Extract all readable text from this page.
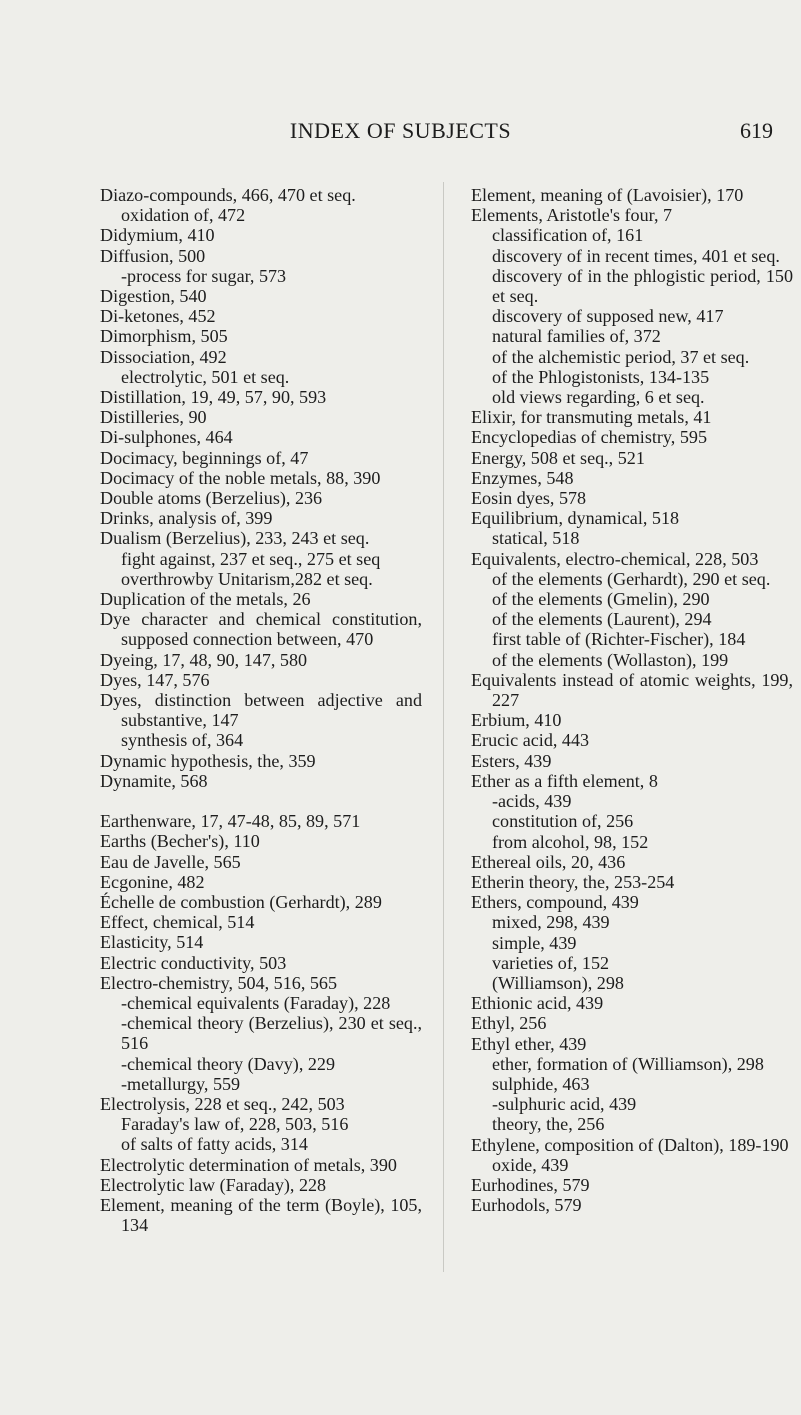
INDEX OF SUBJECTS	619
Diazo-compounds, 466, 470 et seq.
oxidation of, 472
Didymium, 410
Diffusion, 500
-process for sugar, 573
Digestion, 540
Di-ketones, 452
Dimorphism, 505
Dissociation, 492
electrolytic, 501 et seq.
Distillation, 19, 49, 57, 90, 593
Distilleries, 90
Di-sulphones, 464
Docimacy, beginnings of, 47
Docimacy of the noble metals, 88, 390
Double atoms (Berzelius), 236
Drinks, analysis of, 399
Dualism (Berzelius), 233, 243 et seq.
fight against, 237 et seq., 275 et seq
overthrowby Unitarism,282 et seq.
Duplication of the metals, 26
Dye character and chemical constitution, supposed connection between, 470
Dyeing, 17, 48, 90, 147, 580
Dyes, 147, 576
Dyes, distinction between adjective and substantive, 147
synthesis of, 364
Dynamic hypothesis, the, 359
Dynamite, 568
Earthenware, 17, 47-48, 85, 89, 571
Earths (Becher's), 110
Eau de Javelle, 565
Ecgonine, 482
Échelle de combustion (Gerhardt), 289
Effect, chemical, 514
Elasticity, 514
Electric conductivity, 503
Electro-chemistry, 504, 516, 565
-chemical equivalents (Faraday), 228
-chemical theory (Berzelius), 230 et seq., 516
-chemical theory (Davy), 229
-metallurgy, 559
Electrolysis, 228 et seq., 242, 503
Faraday's law of, 228, 503, 516
of salts of fatty acids, 314
Electrolytic determination of metals, 390
Electrolytic law (Faraday), 228
Element, meaning of the term (Boyle), 105, 134
Element, meaning of (Lavoisier), 170
Elements, Aristotle's four, 7
classification of, 161
discovery of in recent times, 401 et seq.
discovery of in the phlogistic period, 150 et seq.
discovery of supposed new, 417
natural families of, 372
of the alchemistic period, 37 et seq.
of the Phlogistonists, 134-135
old views regarding, 6 et seq.
Elixir, for transmuting metals, 41
Encyclopedias of chemistry, 595
Energy, 508 et seq., 521
Enzymes, 548
Eosin dyes, 578
Equilibrium, dynamical, 518
statical, 518
Equivalents, electro-chemical, 228, 503
of the elements (Gerhardt), 290 et seq.
of the elements (Gmelin), 290
of the elements (Laurent), 294
first table of (Richter-Fischer), 184
of the elements (Wollaston), 199
Equivalents instead of atomic weights, 199, 227
Erbium, 410
Erucic acid, 443
Esters, 439
Ether as a fifth element, 8
-acids, 439
constitution of, 256
from alcohol, 98, 152
Ethereal oils, 20, 436
Etherin theory, the, 253-254
Ethers, compound, 439
mixed, 298, 439
simple, 439
varieties of, 152
(Williamson), 298
Ethionic acid, 439
Ethyl, 256
Ethyl ether, 439
ether, formation of (Williamson), 298
sulphide, 463
-sulphuric acid, 439
theory, the, 256
Ethylene, composition of (Dalton), 189-190
oxide, 439
Eurhodines, 579
Eurhodols, 579
